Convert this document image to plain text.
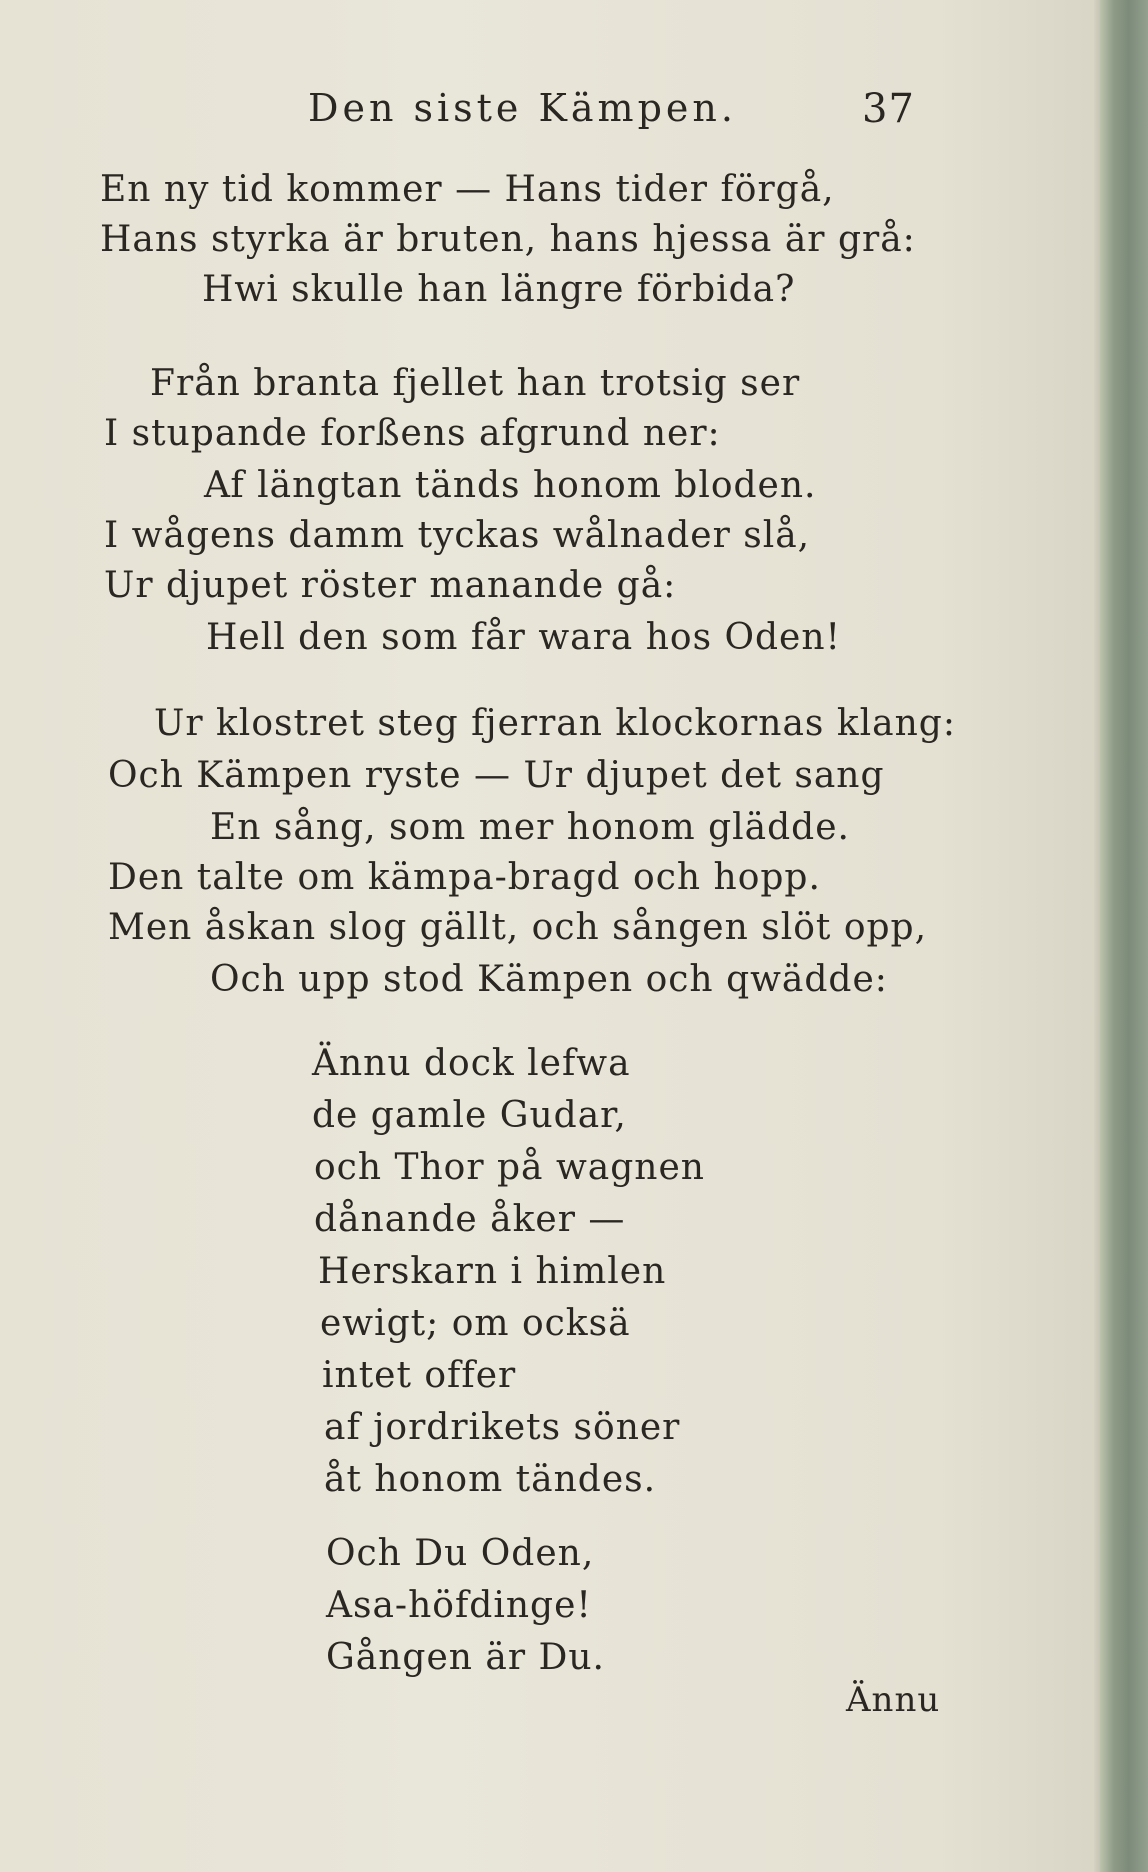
Den siste Kämpen.	37
En ny tid kommer — Hans tider förgå,
Hans styrka är bruten, hans hjessa är grå:
Hwi skulle han längre förbida?
Från branta fjellet han trotsig ser
I stupande forßens afgrund ner:
Af längtan tänds honom bloden.
I wågens damm tyckas wålnader slå,
Ur djupet röster manande gå:
Hell den som får wara hos Oden!
Ur klostret steg fjerran klockornas klang:
Och Kämpen ryste — Ur djupet det sang
En sång, som mer honom glädde.
Den talte om kämpa-bragd och hopp.
Men åskan slog gällt, och sången slöt opp,
Och upp stod Kämpen och qwädde:
Ännu dock lefwa
de gamle Gudar,
och Thor på wagnen
dånande åker —
Herskarn i himlen
ewigt; om ocksä
intet offer
af jordrikets söner
åt honom tändes.
Och Du Oden,
Asa-höfdinge!
Gången är Du.
Ännu
